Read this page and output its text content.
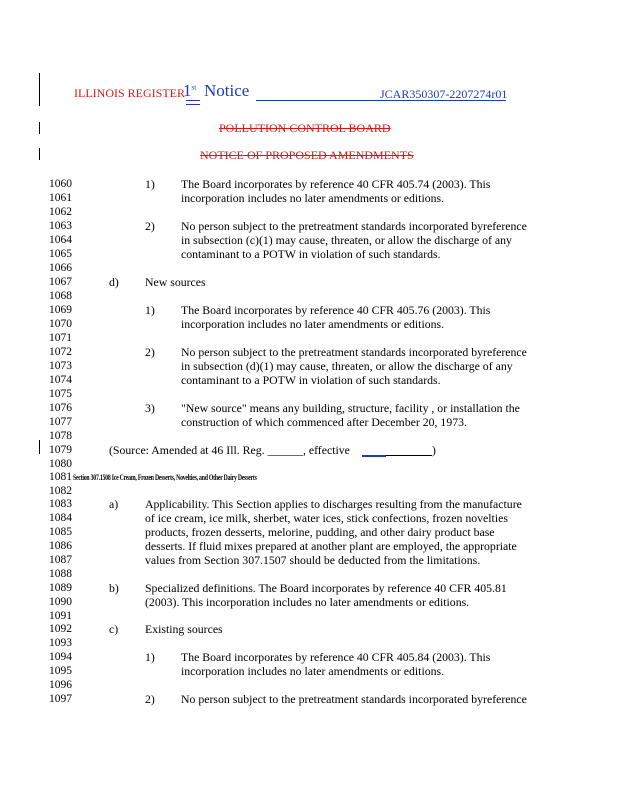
ILLINOIS REGISTER
1st Notice	JCAR350307-2207274r01
POLLUTION CONTROL BOARD
NOTICE OF PROPOSED AMENDMENTS
1060
1061
1062
1063
1064
1065
1066
1067
1068
1069
1070
1071
1072
1073
1074
1075
1076
1077
1078
1079
1080
1081
1082
1083
1084
1085
1086
1087
1088
1089
1090
1091
1092
1093
1094
1095
1096
1097
1) The Board incorporates by reference 40 CFR 405.74 (2003). This
incorporation includes no later amendments or editions.
2) No person subject to the pretreatment standards incorporated byreference
in subsection (c)(1) may cause, threaten, or allow the discharge of any
contaminant to a POTW in violation of such standards.
d) New sources
1) The Board incorporates by reference 40 CFR 405.76 (2003). This
incorporation includes no later amendments or editions.
2) No person subject to the pretreatment standards incorporated byreference
in subsection (d)(1) may cause, threaten, or allow the discharge of any
contaminant to a POTW in violation of such standards.
3) "New source" means any building, structure, facility , or installation the
construction of which commenced after December 20, 1973.
(Source: Amended at 46 Ill. Reg. ______, effective	)
Section 307.1508 Ice Cream, Frozen Desserts, Novelties, and Other Dairy Desserts
a) Applicability. This Section applies to discharges resulting from the manufacture
of ice cream, ice milk, sherbet, water ices, stick confections, frozen novelties
products, frozen desserts, melorine, pudding, and other dairy product base
desserts. If fluid mixes prepared at another plant are employed, the appropriate
values from Section 307.1507 should be deducted from the limitations.
b) Specialized definitions. The Board incorporates by reference 40 CFR 405.81
(2003). This incorporation includes no later amendments or editions.
c) Existing sources
1) The Board incorporates by reference 40 CFR 405.84 (2003). This
incorporation includes no later amendments or editions.
2) No person subject to the pretreatment standards incorporated byreference
